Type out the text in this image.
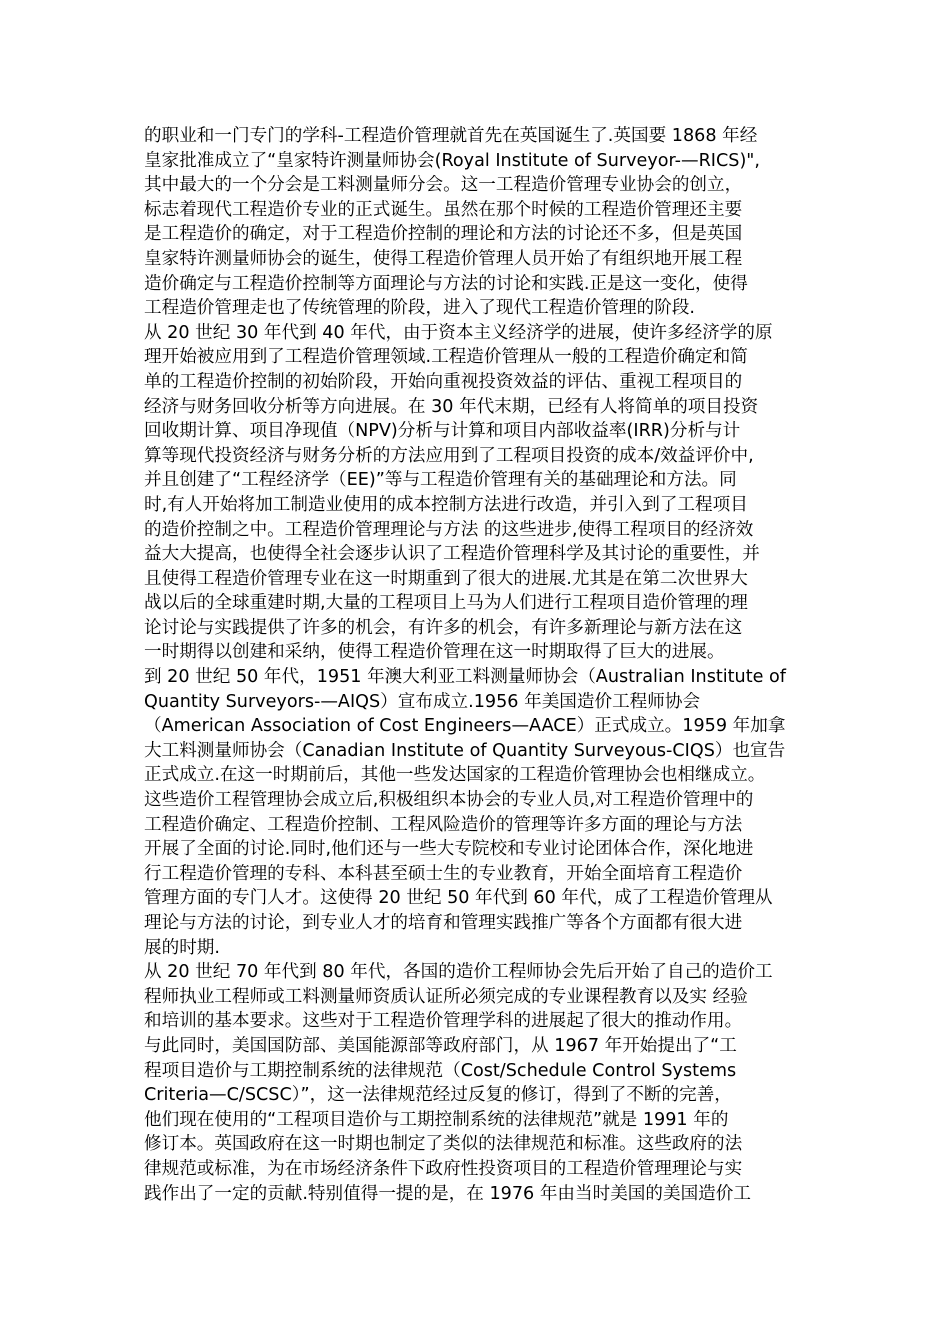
的职业和一门专门的学科-工程造价管理就首先在英国诞生了.英国要 1868 年经
皇家批准成立了“皇家特许测量师协会(Royal Institute of Surveyor-—RICS)",
其中最大的一个分会是工料测量师分会。这一工程造价管理专业协会的创立，
标志着现代工程造价专业的正式诞生。虽然在那个时候的工程造价管理还主要
是工程造价的确定，对于工程造价控制的理论和方法的讨论还不多，但是英国
皇家特许测量师协会的诞生，使得工程造价管理人员开始了有组织地开展工程
造价确定与工程造价控制等方面理论与方法的讨论和实践.正是这一变化，使得
工程造价管理走也了传统管理的阶段，进入了现代工程造价管理的阶段.
从 20 世纪 30 年代到 40 年代，由于资本主义经济学的进展，使许多经济学的原
理开始被应用到了工程造价管理领域.工程造价管理从一般的工程造价确定和简
单的工程造价控制的初始阶段，开始向重视投资效益的评估、重视工程项目的
经济与财务回收分析等方向进展。在 30 年代末期，已经有人将简单的项目投资
回收期计算、项目净现值（NPV)分析与计算和项目内部收益率(IRR)分析与计
算等现代投资经济与财务分析的方法应用到了工程项目投资的成本/效益评价中,
并且创建了“工程经济学（EE)”等与工程造价管理有关的基础理论和方法。同
时,有人开始将加工制造业使用的成本控制方法进行改造，并引入到了工程项目
的造价控制之中。工程造价管理理论与方法 的这些进步,使得工程项目的经济效
益大大提高，也使得全社会逐步认识了工程造价管理科学及其讨论的重要性，并
且使得工程造价管理专业在这一时期重到了很大的进展.尤其是在第二次世界大
战以后的全球重建时期,大量的工程项目上马为人们进行工程项目造价管理的理
论讨论与实践提供了许多的机会，有许多的机会，有许多新理论与新方法在这
一时期得以创建和采纳，使得工程造价管理在这一时期取得了巨大的进展。
到 20 世纪 50 年代，1951 年澳大利亚工料测量师协会（Australian Institute of
Quantity Surveyors-—AIQS）宣布成立.1956 年美国造价工程师协会
（American Association of Cost Engineers—AACE）正式成立。1959 年加拿
大工料测量师协会（Canadian Institute of Quantity Surveyous-CIQS）也宣告
正式成立.在这一时期前后，其他一些发达国家的工程造价管理协会也相继成立。
这些造价工程管理协会成立后,积极组织本协会的专业人员,对工程造价管理中的
工程造价确定、工程造价控制、工程风险造价的管理等许多方面的理论与方法
开展了全面的讨论.同时,他们还与一些大专院校和专业讨论团体合作，深化地进
行工程造价管理的专科、本科甚至硕士生的专业教育，开始全面培育工程造价
管理方面的专门人才。这使得 20 世纪 50 年代到 60 年代，成了工程造价管理从
理论与方法的讨论，到专业人才的培育和管理实践推广等各个方面都有很大进
展的时期.
从 20 世纪 70 年代到 80 年代，各国的造价工程师协会先后开始了自己的造价工
程师执业工程师或工料测量师资质认证所必须完成的专业课程教育以及实 经验
和培训的基本要求。这些对于工程造价管理学科的进展起了很大的推动作用。
与此同时，美国国防部、美国能源部等政府部门，从 1967 年开始提出了“工
程项目造价与工期控制系统的法律规范（Cost/Schedule Control Systems
Criteria—C/SCSC）”，这一法律规范经过反复的修订，得到了不断的完善，
他们现在使用的“工程项目造价与工期控制系统的法律规范”就是 1991 年的
修订本。英国政府在这一时期也制定了类似的法律规范和标准。这些政府的法
律规范或标准，为在市场经济条件下政府性投资项目的工程造价管理理论与实
践作出了一定的贡献.特别值得一提的是，在 1976 年由当时美国的美国造价工
